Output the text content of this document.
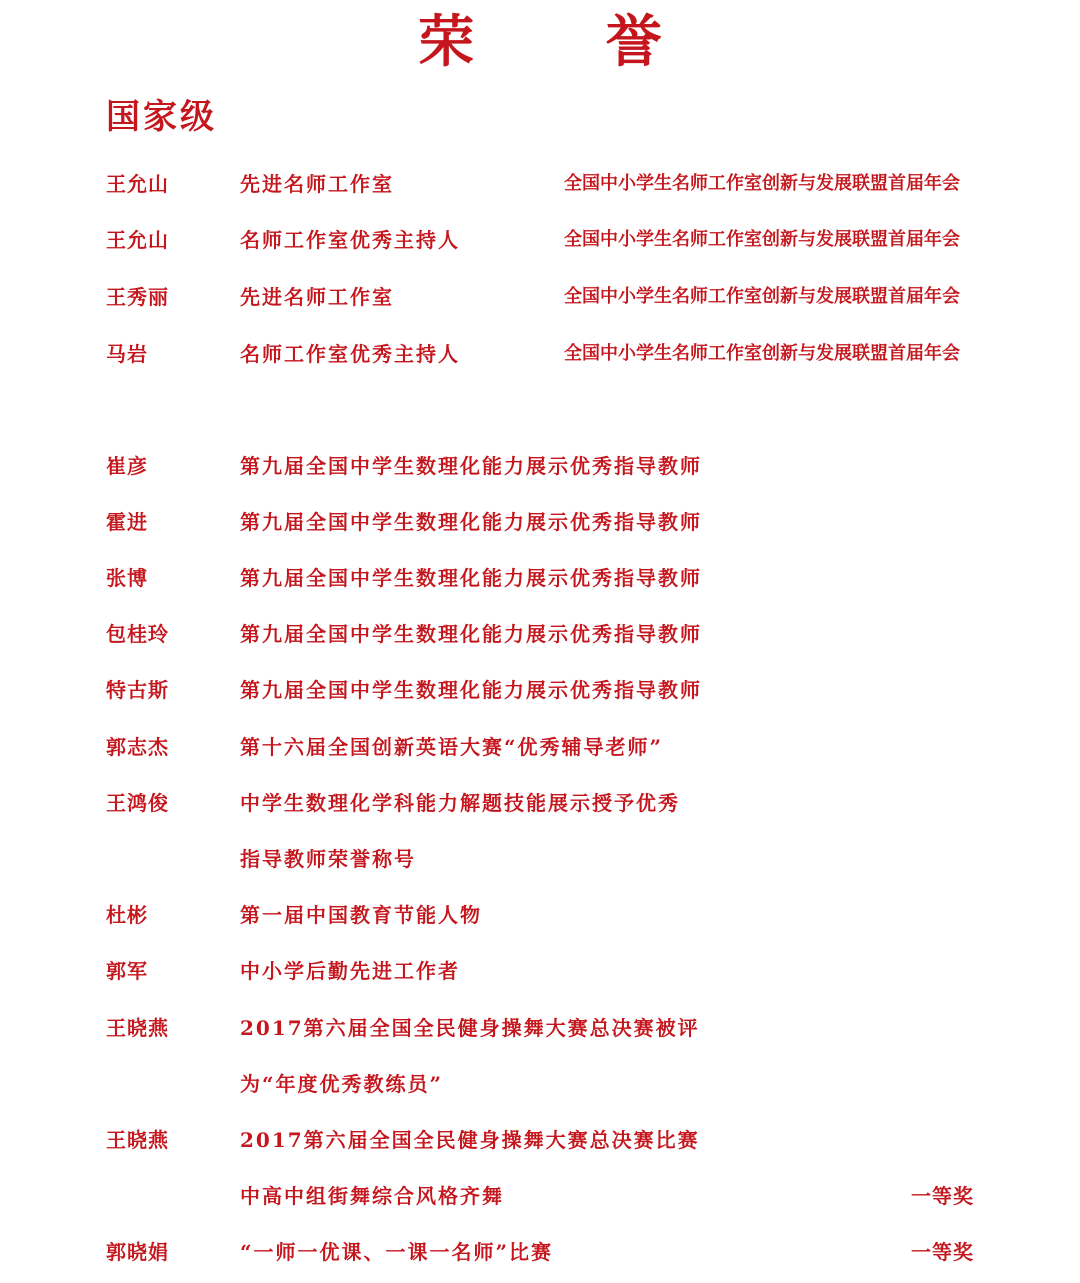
荣 誉
国家级
王允山	先进名师工作室	全国中小学生名师工作室创新与发展联盟首届年会
王允山	名师工作室优秀主持人	全国中小学生名师工作室创新与发展联盟首届年会
王秀丽	先进名师工作室	全国中小学生名师工作室创新与发展联盟首届年会
马岩	名师工作室优秀主持人	全国中小学生名师工作室创新与发展联盟首届年会
崔彦	第九届全国中学生数理化能力展示优秀指导教师
霍进	第九届全国中学生数理化能力展示优秀指导教师
张博	第九届全国中学生数理化能力展示优秀指导教师
包桂玲	第九届全国中学生数理化能力展示优秀指导教师
特古斯	第九届全国中学生数理化能力展示优秀指导教师
郭志杰	第十六届全国创新英语大赛“优秀辅导老师”
王鸿俊	中学生数理化学科能力解题技能展示授予优秀
指导教师荣誉称号
杜彬	第一届中国教育节能人物
郭军	中小学后勤先进工作者
王晓燕	2017第六届全国全民健身操舞大赛总决赛被评
为“年度优秀教练员”
王晓燕	2017第六届全国全民健身操舞大赛总决赛比赛
中高中组街舞综合风格齐舞	一等奖
郭晓娟	“一师一优课、一课一名师”比赛	一等奖
